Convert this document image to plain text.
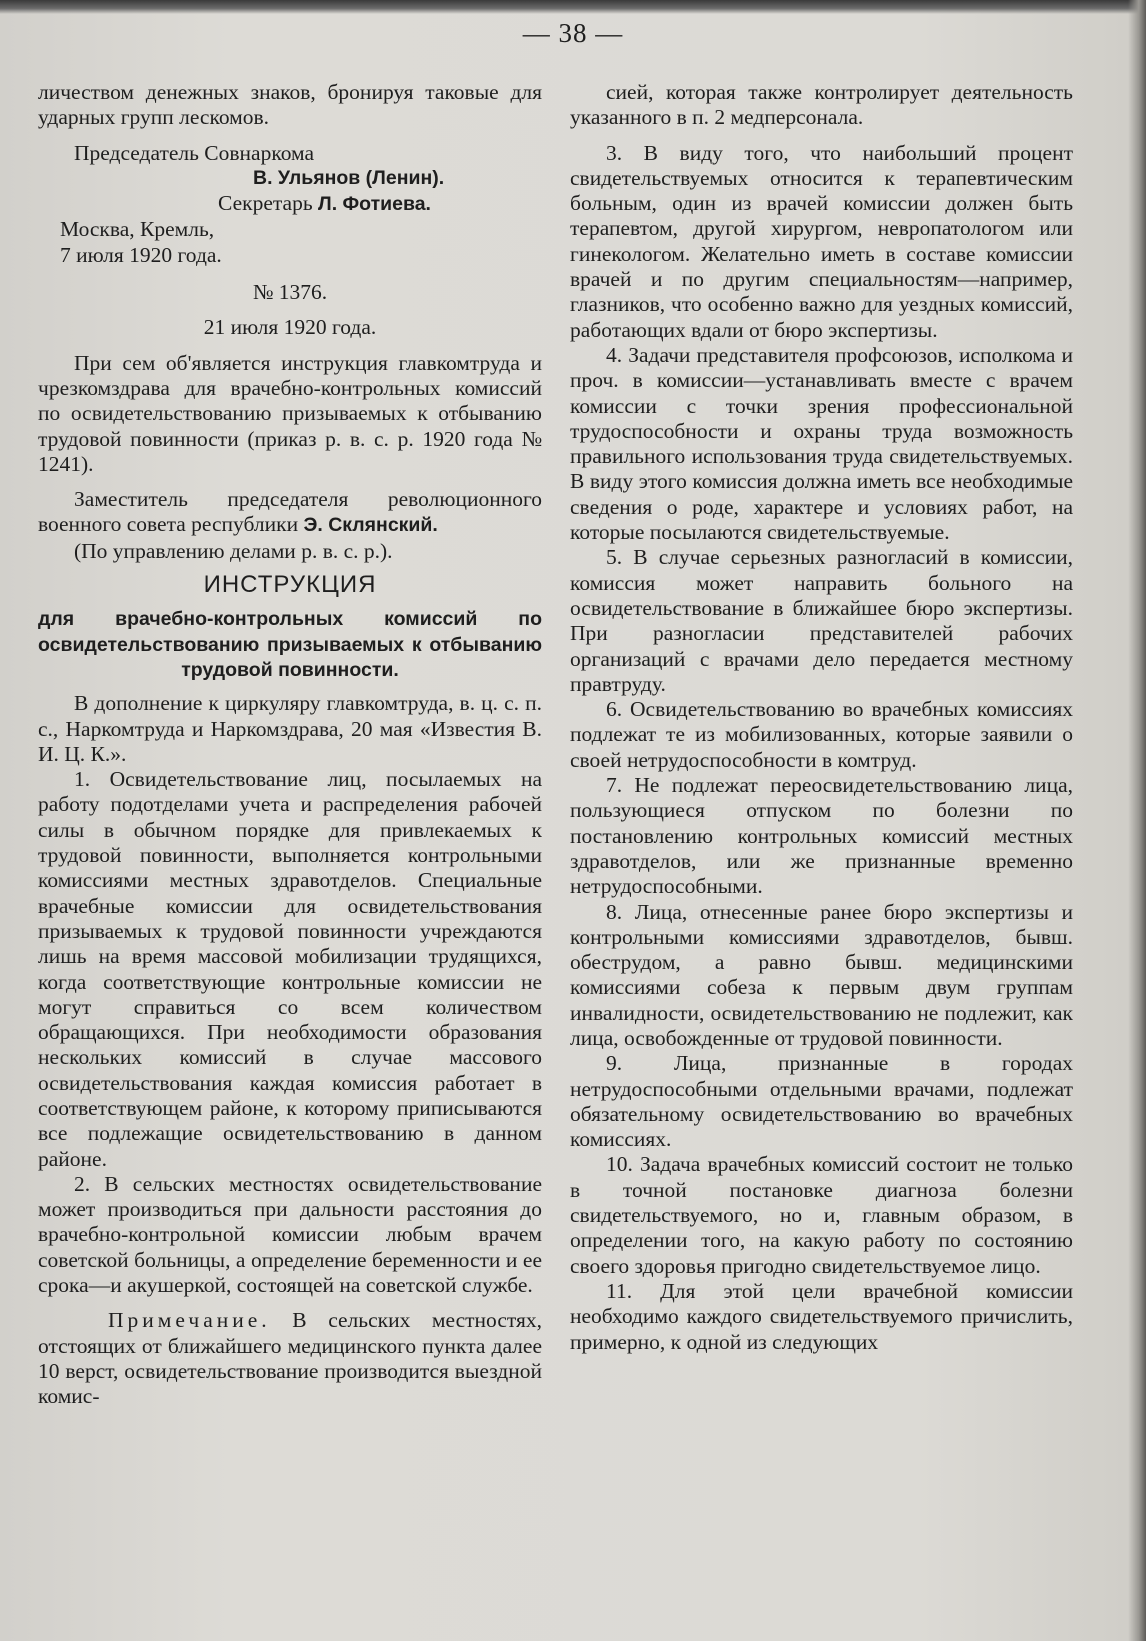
— 38 —

личеством денежных знаков, бронируя таковые для ударных групп лескомов.

Председатель Совнаркома

В. Ульянов (Ленин).

Секретарь Л. Фотиева.

Москва, Кремль,

7 июля 1920 года.

№ 1376.

21 июля 1920 года.

При сем об'является инструкция главкомтруда и чрезкомздрава для врачебно-контрольных комиссий по освидетельствованию призываемых к отбыванию трудовой повинности (приказ р. в. с. р. 1920 года № 1241).

Заместитель председателя революционного военного совета республики Э. Склянский.

(По управлению делами р. в. с. р.).

ИНСТРУКЦИЯ
для врачебно-контрольных комиссий по освидетельствованию призываемых к отбыванию трудовой повинности.

В дополнение к циркуляру главкомтруда, в. ц. с. п. с., Наркомтруда и Наркомздрава, 20 мая «Известия В. И. Ц. К.».

1. Освидетельствование лиц, посылаемых на работу подотделами учета и распределения рабочей силы в обычном порядке для привлекаемых к трудовой повинности, выполняется контрольными комиссиями местных здравотделов. Специальные врачебные комиссии для освидетельствования призываемых к трудовой повинности учреждаются лишь на время массовой мобилизации трудящихся, когда соответствующие контрольные комиссии не могут справиться со всем количеством обращающихся. При необходимости образования нескольких комиссий в случае массового освидетельствования каждая комиссия работает в соответствующем районе, к которому приписываются все подлежащие освидетельствованию в данном районе.

2. В сельских местностях освидетельствование может производиться при дальности расстояния до врачебно-контрольной комиссии любым врачем советской больницы, а определение беременности и ее срока—и акушеркой, состоящей на советской службе.

Примечание. В сельских местностях, отстоящих от ближайшего медицинского пункта далее 10 верст, освидетельствование производится выездной комис-

сией, которая также контролирует деятельность указанного в п. 2 медперсонала.

3. В виду того, что наибольший процент свидетельствуемых относится к терапевтическим больным, один из врачей комиссии должен быть терапевтом, другой хирургом, невропатологом или гинекологом. Желательно иметь в составе комиссии врачей и по другим специальностям—например, глазников, что особенно важно для уездных комиссий, работающих вдали от бюро экспертизы.

4. Задачи представителя профсоюзов, исполкома и проч. в комиссии—устанавливать вместе с врачем комиссии с точки зрения профессиональной трудоспособности и охраны труда возможность правильного использования труда свидетельствуемых. В виду этого комиссия должна иметь все необходимые сведения о роде, характере и условиях работ, на которые посылаются свидетельствуемые.

5. В случае серьезных разногласий в комиссии, комиссия может направить больного на освидетельствование в ближайшее бюро экспертизы. При разногласии представителей рабочих организаций с врачами дело передается местному правтруду.

6. Освидетельствованию во врачебных комиссиях подлежат те из мобилизованных, которые заявили о своей нетрудоспособности в комтруд.

7. Не подлежат переосвидетельствованию лица, пользующиеся отпуском по болезни по постановлению контрольных комиссий местных здравотделов, или же признанные временно нетрудоспособными.

8. Лица, отнесенные ранее бюро экспертизы и контрольными комиссиями здравотделов, бывш. обеструдом, а равно бывш. медицинскими комиссиями собеза к первым двум группам инвалидности, освидетельствованию не подлежит, как лица, освобожденные от трудовой повинности.

9. Лица, признанные в городах нетрудоспособными отдельными врачами, подлежат обязательному освидетельствованию во врачебных комиссиях.

10. Задача врачебных комиссий состоит не только в точной постановке диагноза болезни свидетельствуемого, но и, главным образом, в определении того, на какую работу по состоянию своего здоровья пригодно свидетельствуемое лицо.

11. Для этой цели врачебной комиссии необходимо каждого свидетельствуемого причислить, примерно, к одной из следующих
